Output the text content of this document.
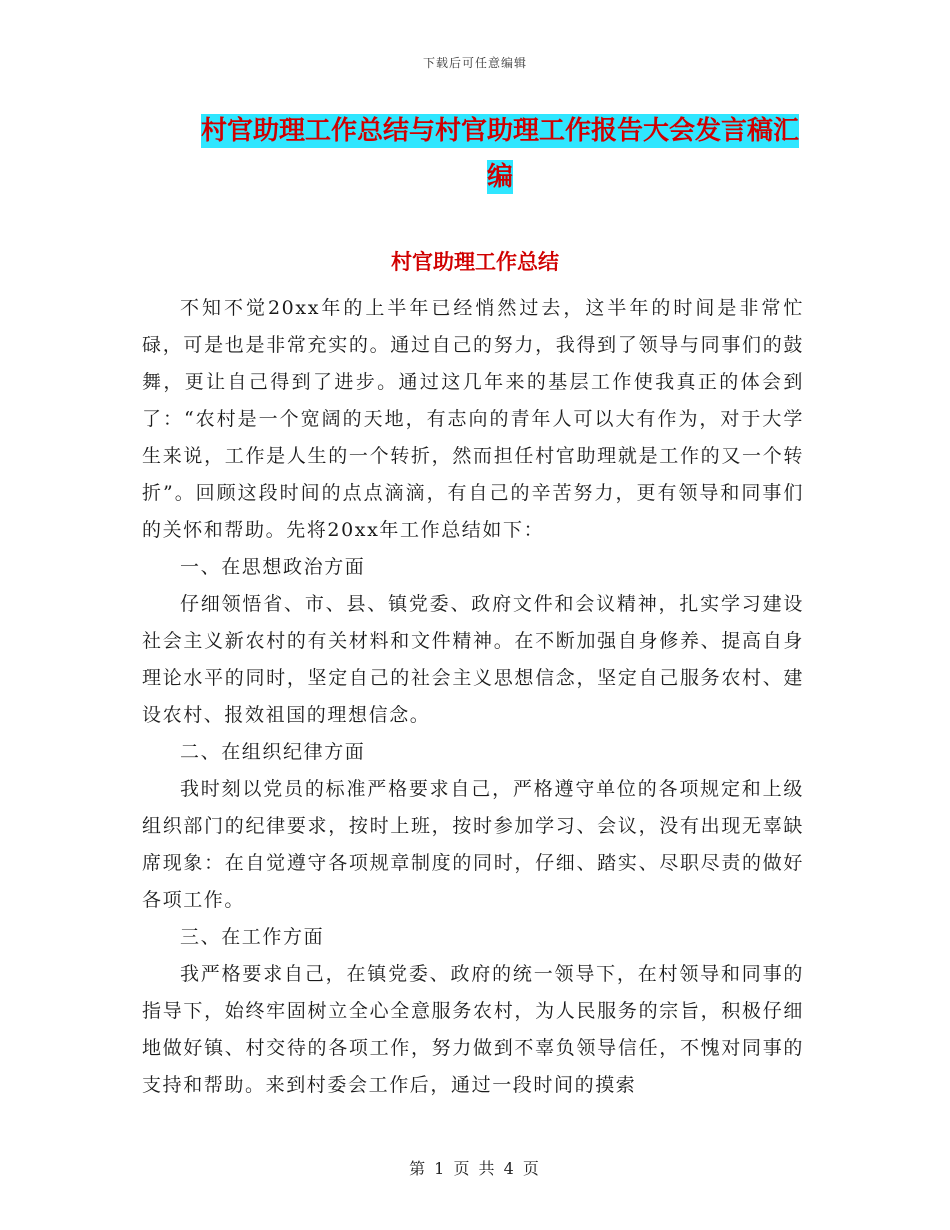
下载后可任意编辑
村官助理工作总结与村官助理工作报告大会发言稿汇编
村官助理工作总结

不知不觉20xx年的上半年已经悄然过去，这半年的时间是非常忙碌，可是也是非常充实的。通过自己的努力，我得到了领导与同事们的鼓舞，更让自己得到了进步。通过这几年来的基层工作使我真正的体会到了：“农村是一个宽阔的天地，有志向的青年人可以大有作为，对于大学生来说，工作是人生的一个转折，然而担任村官助理就是工作的又一个转折”。回顾这段时间的点点滴滴，有自己的辛苦努力，更有领导和同事们的关怀和帮助。先将20xx年工作总结如下：

一、在思想政治方面

仔细领悟省、市、县、镇党委、政府文件和会议精神，扎实学习建设社会主义新农村的有关材料和文件精神。在不断加强自身修养、提高自身理论水平的同时，坚定自己的社会主义思想信念，坚定自己服务农村、建设农村、报效祖国的理想信念。

二、在组织纪律方面

我时刻以党员的标准严格要求自己，严格遵守单位的各项规定和上级组织部门的纪律要求，按时上班，按时参加学习、会议，没有出现无辜缺席现象：在自觉遵守各项规章制度的同时，仔细、踏实、尽职尽责的做好各项工作。

三、在工作方面

我严格要求自己，在镇党委、政府的统一领导下，在村领导和同事的指导下，始终牢固树立全心全意服务农村，为人民服务的宗旨，积极仔细地做好镇、村交待的各项工作，努力做到不辜负领导信任，不愧对同事的支持和帮助。来到村委会工作后，通过一段时间的摸索

第 1 页 共 4 页
